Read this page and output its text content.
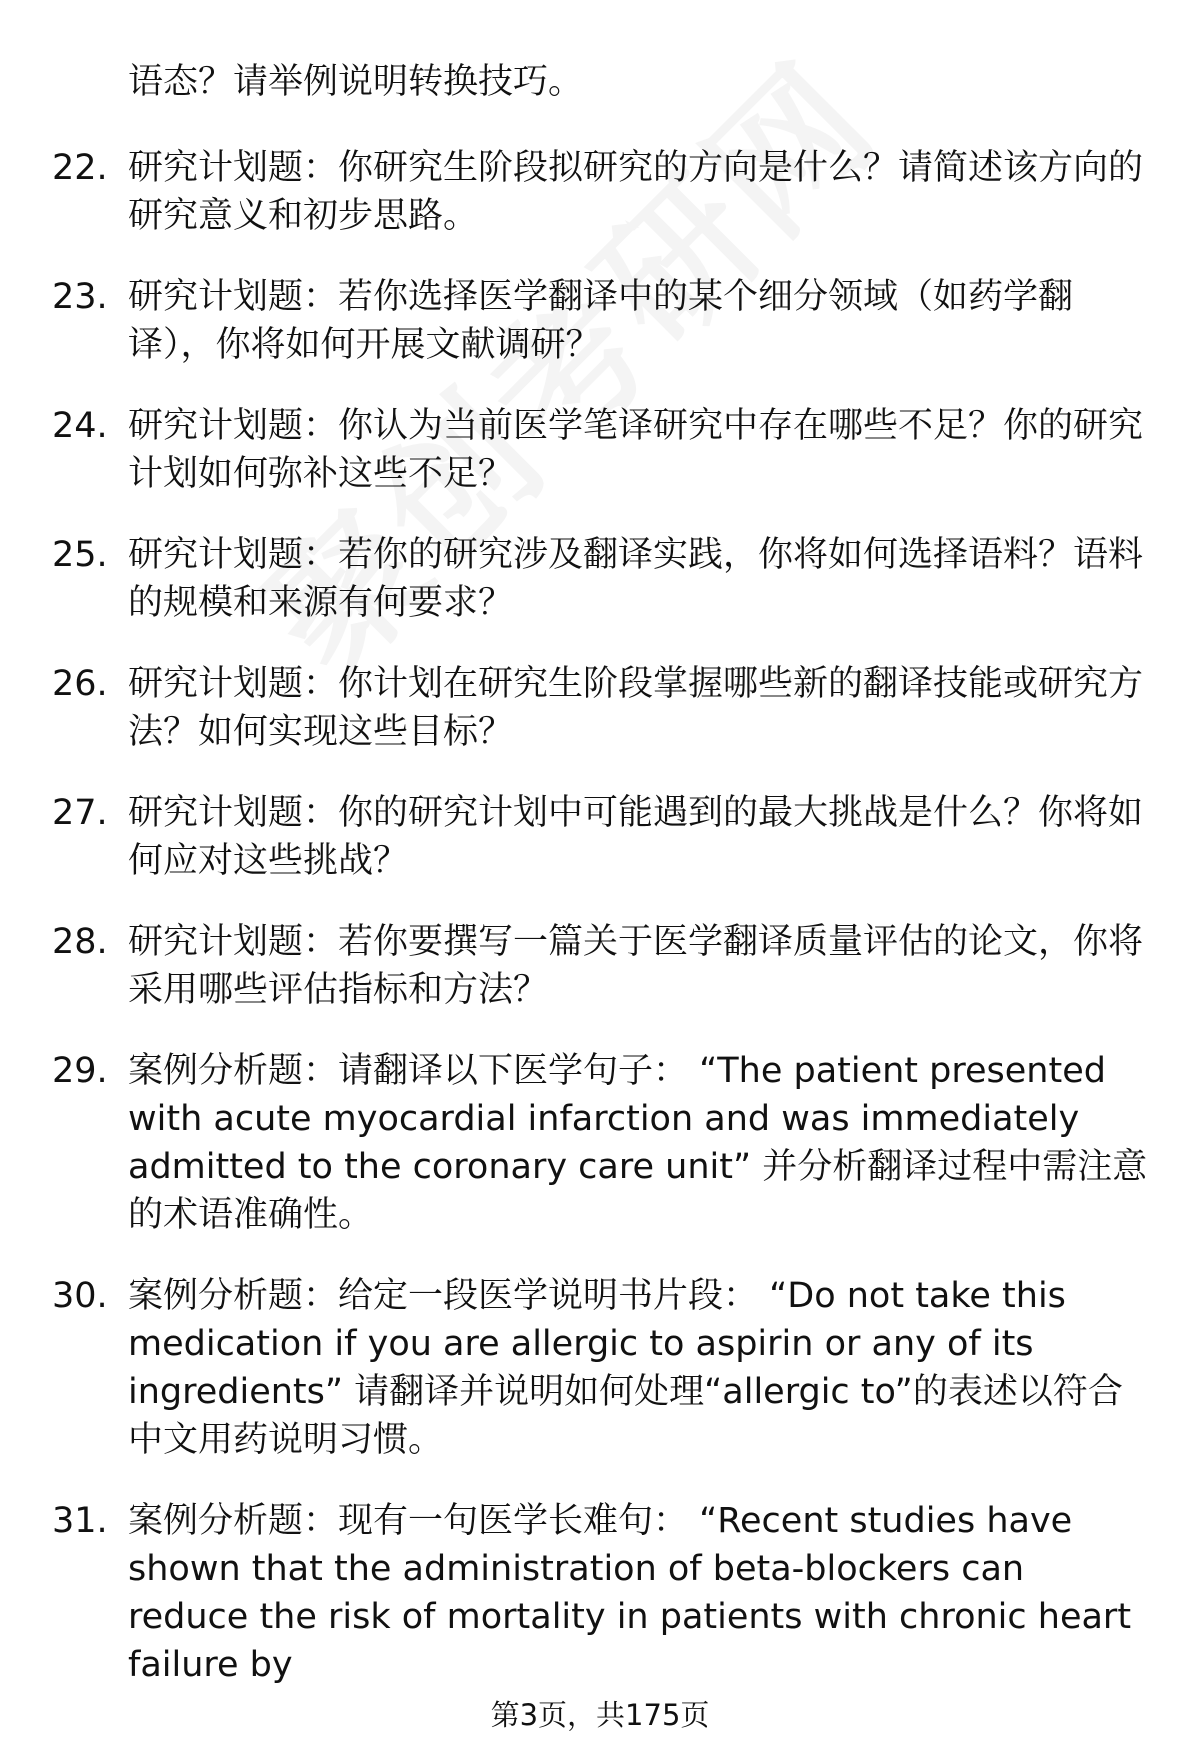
语态？请举例说明转换技巧。
22. 研究计划题：你研究生阶段拟研究的方向是什么？请简述该方向的研究意义和初步思路。
23. 研究计划题：若你选择医学翻译中的某个细分领域（如药学翻译），你将如何开展文献调研？
24. 研究计划题：你认为当前医学笔译研究中存在哪些不足？你的研究计划如何弥补这些不足？
25. 研究计划题：若你的研究涉及翻译实践，你将如何选择语料？语料的规模和来源有何要求？
26. 研究计划题：你计划在研究生阶段掌握哪些新的翻译技能或研究方法？如何实现这些目标？
27. 研究计划题：你的研究计划中可能遇到的最大挑战是什么？你将如何应对这些挑战？
28. 研究计划题：若你要撰写一篇关于医学翻译质量评估的论文，你将采用哪些评估指标和方法？
29. 案例分析题：请翻译以下医学句子： “The patient presented with acute myocardial infarction and was immediately admitted to the coronary care unit” 并分析翻译过程中需注意的术语准确性。
30. 案例分析题：给定一段医学说明书片段： “Do not take this medication if you are allergic to aspirin or any of its ingredients” 请翻译并说明如何处理“allergic to”的表述以符合中文用药说明习惯。
31. 案例分析题：现有一句医学长难句： “Recent studies have shown that the administration of beta-blockers can reduce the risk of mortality in patients with chronic heart failure by
第3页，共175页
